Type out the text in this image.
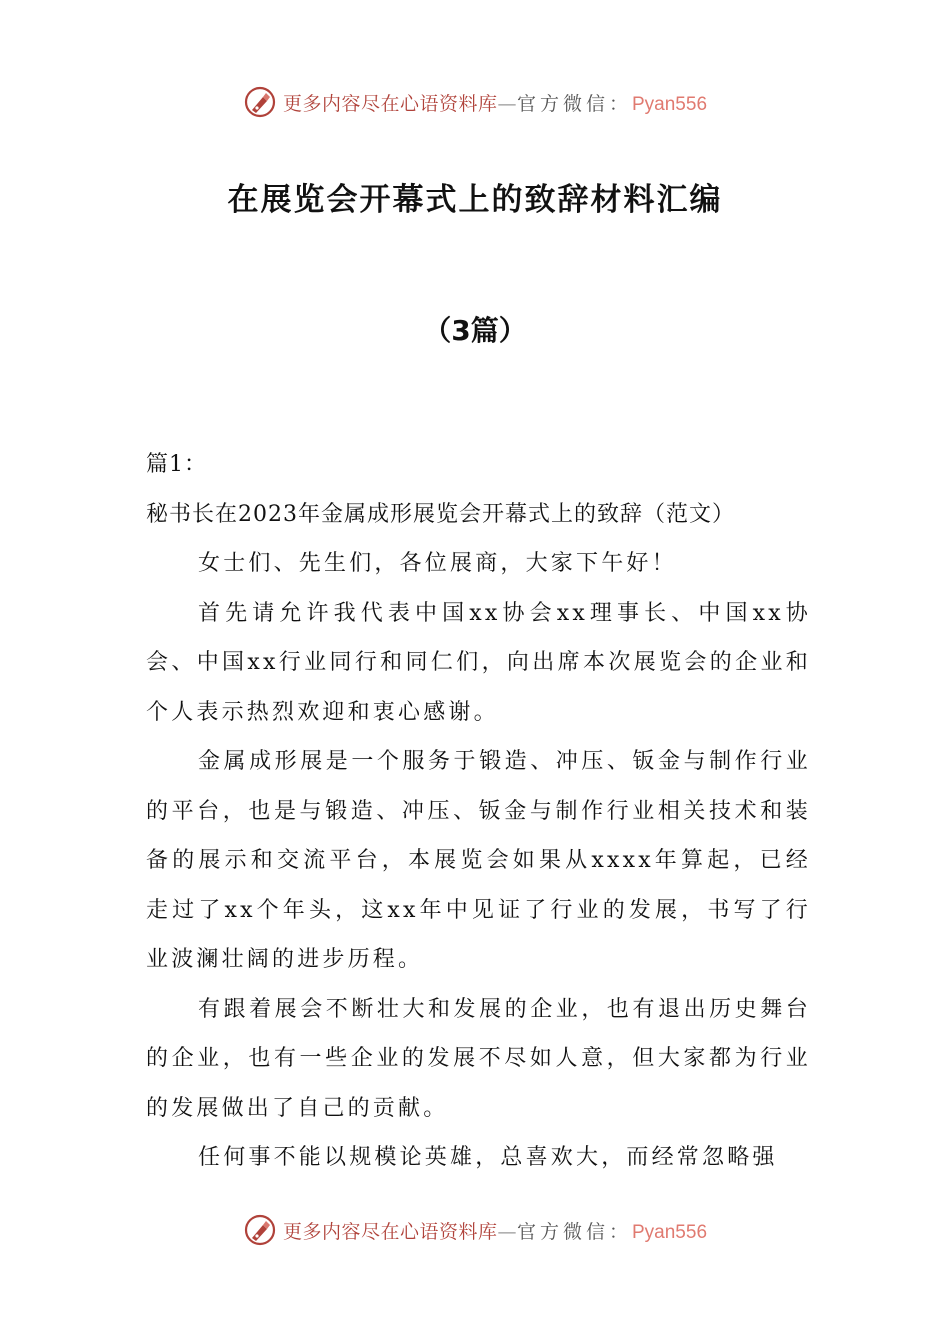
更多内容尽在心语资料库—官方微信：Pyan556
在展览会开幕式上的致辞材料汇编
（3篇）

篇1：

秘书长在2023年金属成形展览会开幕式上的致辞（范文）

女士们、先生们，各位展商，大家下午好！

首先请允许我代表中国xx协会xx理事长、中国xx协会、中国xx行业同行和同仁们，向出席本次展览会的企业和个人表示热烈欢迎和衷心感谢。

金属成形展是一个服务于锻造、冲压、钣金与制作行业的平台，也是与锻造、冲压、钣金与制作行业相关技术和装备的展示和交流平台，本展览会如果从xxxx年算起，已经走过了xx个年头，这xx年中见证了行业的发展，书写了行业波澜壮阔的进步历程。

有跟着展会不断壮大和发展的企业，也有退出历史舞台的企业，也有一些企业的发展不尽如人意，但大家都为行业的发展做出了自己的贡献。

任何事不能以规模论英雄，总喜欢大，而经常忽略强

更多内容尽在心语资料库—官方微信：Pyan556
